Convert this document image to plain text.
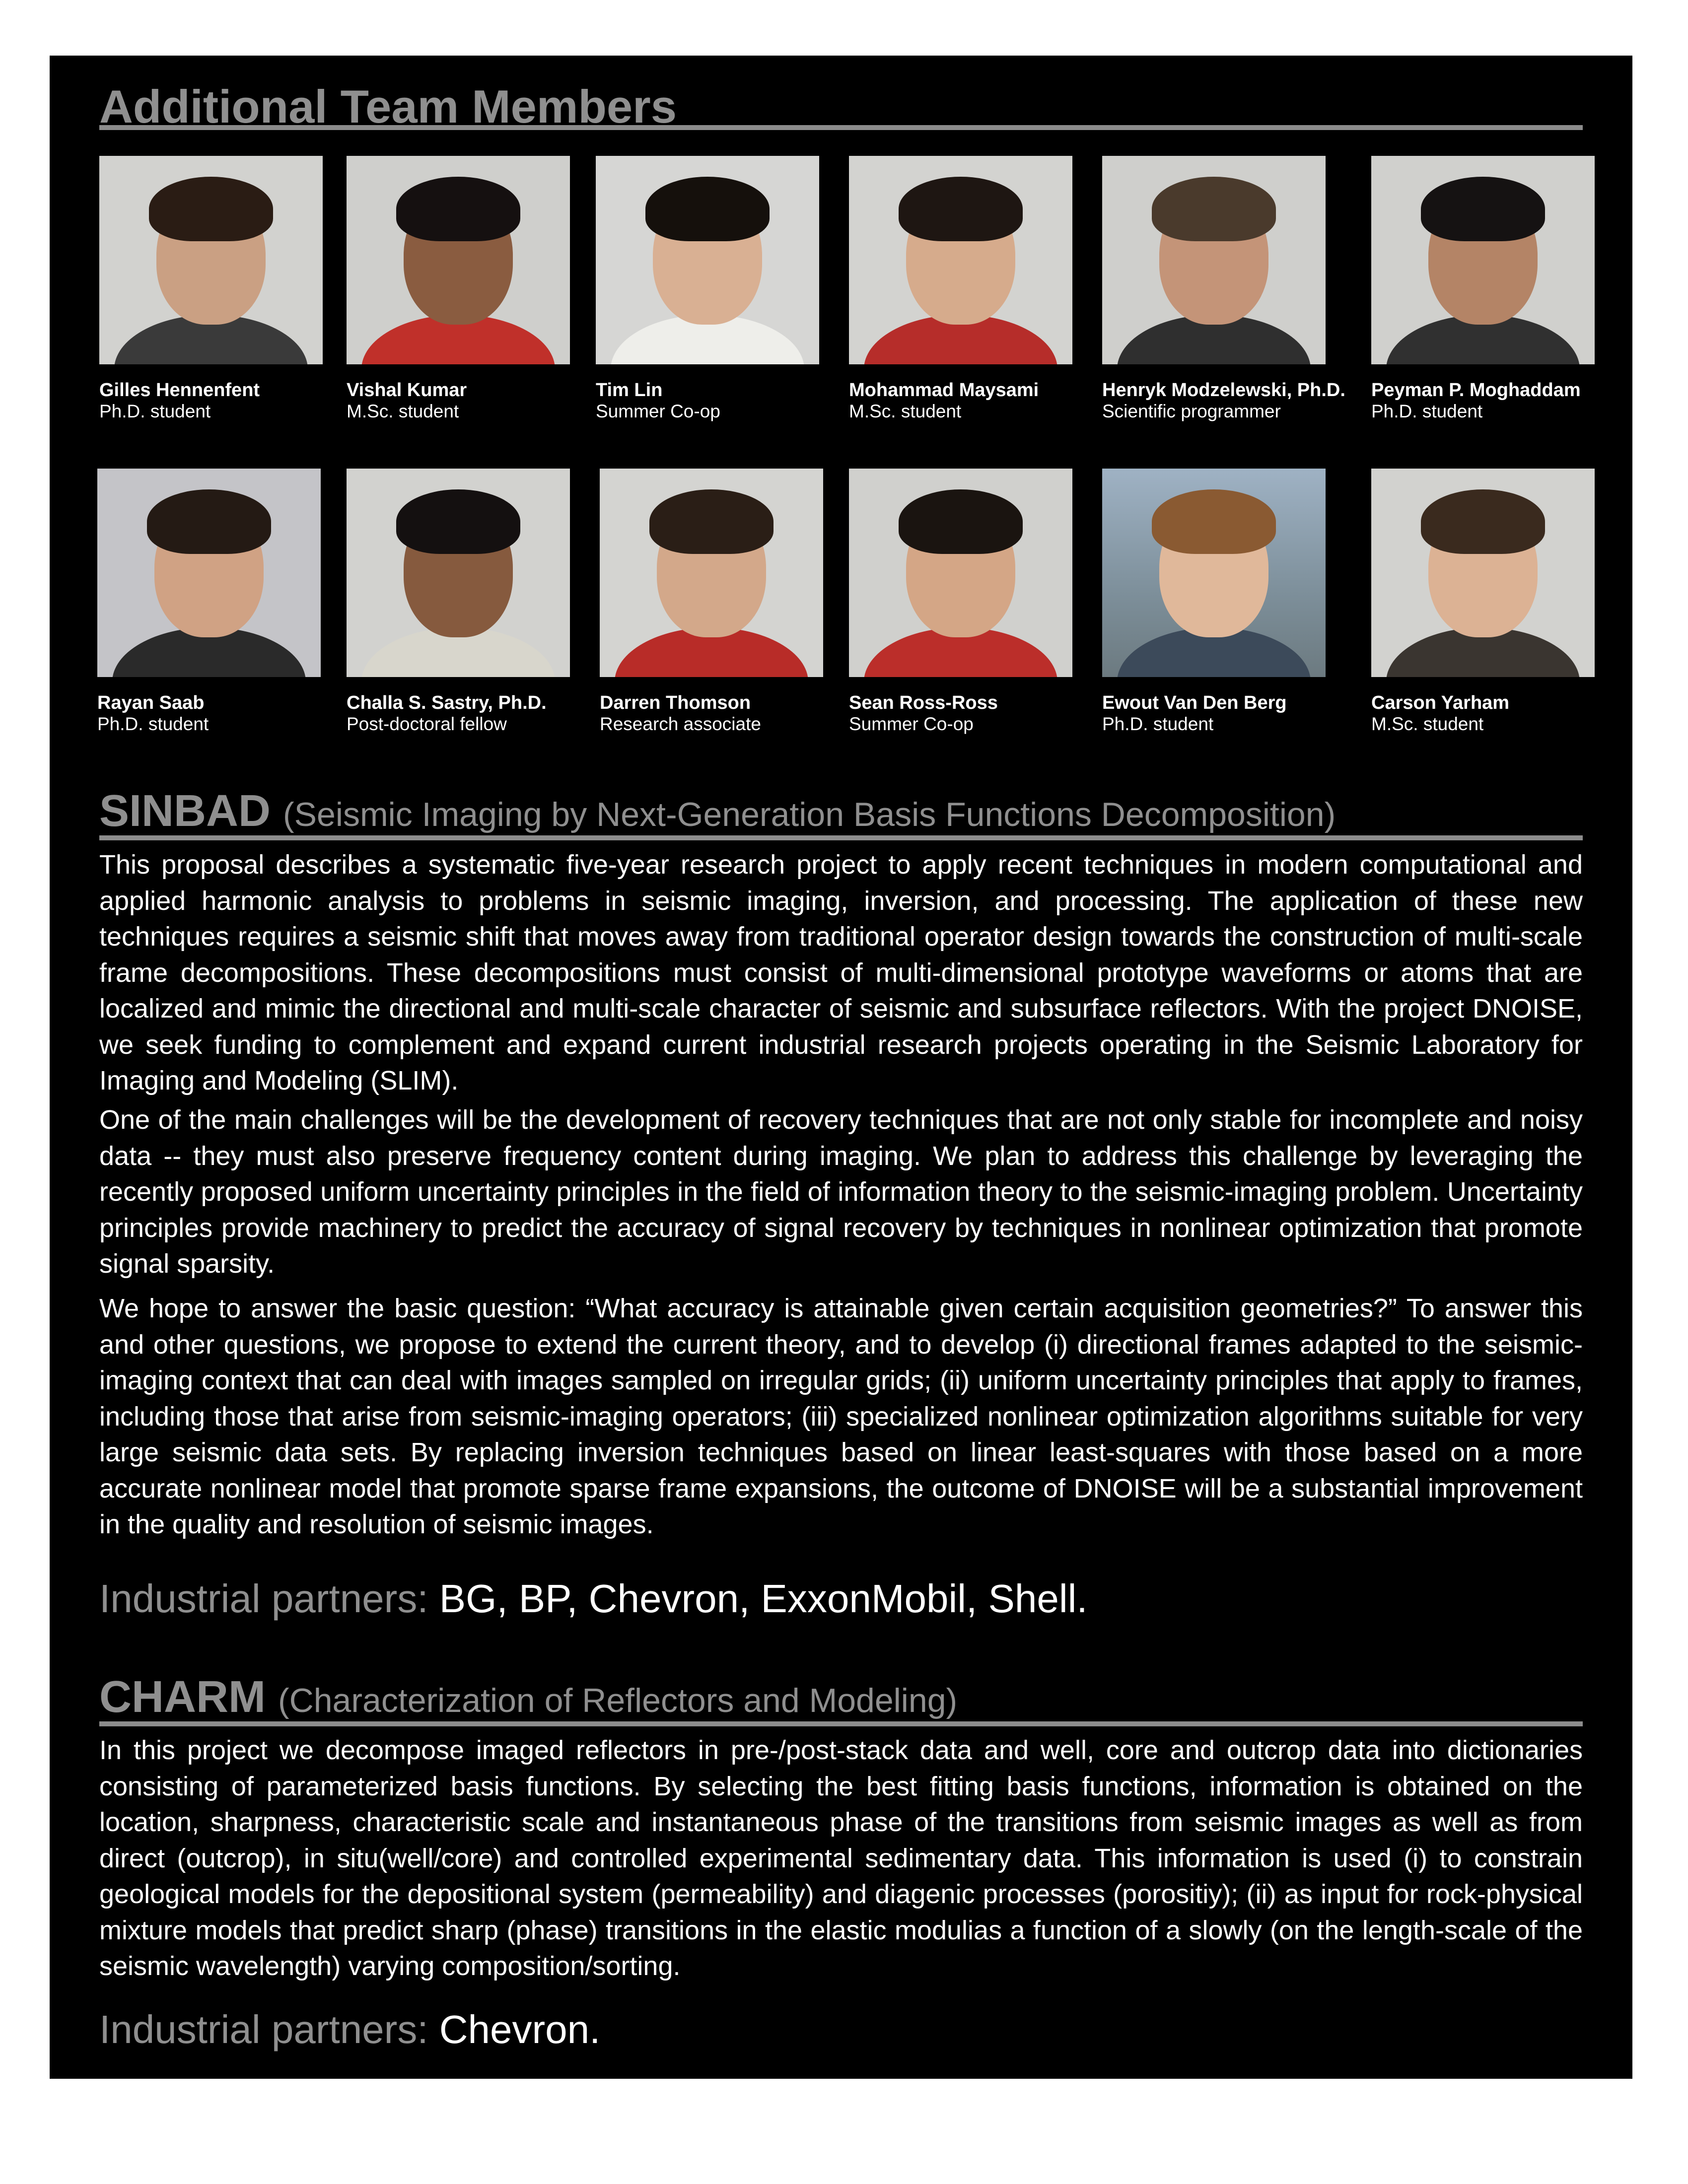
Additional Team Members
Gilles Hennenfent
Ph.D. student
Vishal Kumar
M.Sc. student
Tim Lin
Summer Co-op
Mohammad Maysami
M.Sc. student
Henryk Modzelewski, Ph.D.
Scientific programmer
Peyman P. Moghaddam
Ph.D. student
Rayan Saab
Ph.D. student
Challa S. Sastry, Ph.D.
Post-doctoral fellow
Darren Thomson
Research associate
Sean Ross-Ross
Summer Co-op
Ewout Van Den Berg
Ph.D. student
Carson Yarham
M.Sc. student
SINBAD (Seismic Imaging by Next-Generation Basis Functions Decomposition)

This proposal describes a systematic five-year research project to apply recent techniques in modern computational and applied harmonic analysis to problems in seismic imaging, inversion, and processing. The application of these new techniques requires a seismic shift that moves away from traditional operator design towards the construction of multi-scale frame decompositions. These decompositions must consist of multi-dimensional prototype waveforms or atoms that are localized and mimic the directional and multi-scale character of seismic and subsurface reflectors. With the project DNOISE, we seek funding to complement and expand current industrial research projects operating in the Seismic Laboratory for Imaging and Modeling (SLIM).

One of the main challenges will be the development of recovery techniques that are not only stable for incomplete and noisy data -- they must also preserve frequency content during imaging. We plan to address this challenge by leveraging the recently proposed uniform uncertainty principles in the field of information theory to the seismic-imaging problem. Uncertainty principles provide machinery to predict the accuracy of signal recovery by techniques in nonlinear optimization that promote signal sparsity.

We hope to answer the basic question: “What accuracy is attainable given certain acquisition geometries?” To answer this and other questions, we propose to extend the current theory, and to develop (i) directional frames adapted to the seismic-imaging context that can deal with images sampled on irregular grids; (ii) uniform uncertainty principles that apply to frames, including those that arise from seismic-imaging operators; (iii) specialized nonlinear optimization algorithms suitable for very large seismic data sets. By replacing inversion techniques based on linear least-squares with those based on a more accurate nonlinear model that promote sparse frame expansions, the outcome of DNOISE will be a substantial improvement in the quality and resolution of seismic images.

Industrial partners: BG, BP, Chevron, ExxonMobil, Shell.

CHARM (Characterization of Reflectors and Modeling)

In this project we decompose imaged reflectors in pre-/post-stack data and well, core and outcrop data into dictionaries consisting of parameterized basis functions. By selecting the best fitting basis functions, information is obtained on the location, sharpness, characteristic scale and instantaneous phase of the transitions from seismic images as well as from direct (outcrop), in situ(well/core) and controlled experimental sedimentary data. This information is used (i) to constrain geological models for the depositional system (permeability) and diagenic processes (porositiy); (ii) as input for rock-physical mixture models that predict sharp (phase) transitions in the elastic modulias a function of a slowly (on the length-scale of the seismic wavelength) varying composition/sorting.

Industrial partners: Chevron.
